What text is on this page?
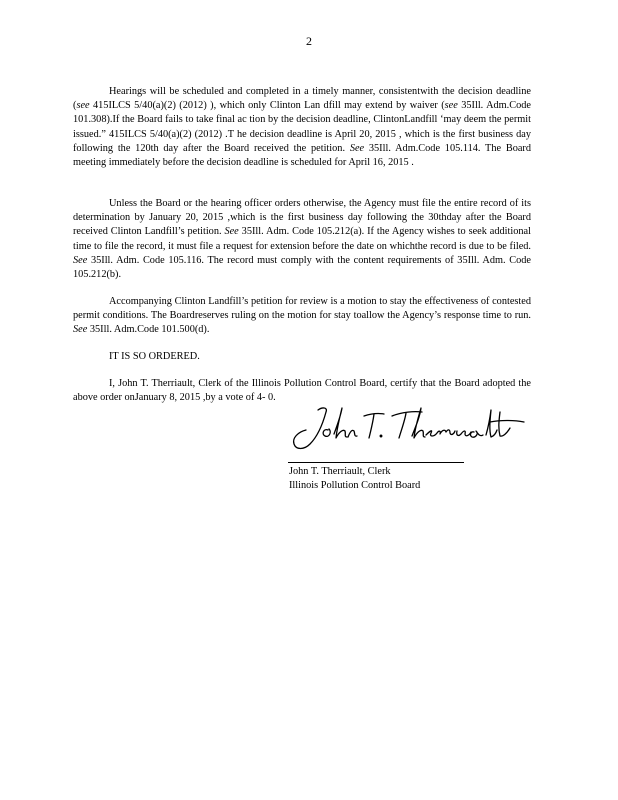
2

Hearings will be scheduled and completed in a timely manner, consistentwith the decision deadline (see 415ILCS 5/40(a)(2) (2012) ), which only Clinton Lan dfill may extend by waiver (see 35Ill. Adm.Code 101.308).If the Board fails to take final ac tion by the decision deadline, ClintonLandfill ‘may deem the permit issued.” 415ILCS 5/40(a)(2) (2012) .T he decision deadline is April 20, 2015 , which is the first business day following the 120th day after the Board received the petition. See 35Ill. Adm.Code 105.114. The Board meeting immediately before the decision deadline is scheduled for April 16, 2015 .

Unless the Board or the hearing officer orders otherwise, the Agency must file the entire record of its determination by January 20, 2015 ,which is the first business day following the 30thday after the Board received Clinton Landfill’s petition. See 35Ill. Adm. Code 105.212(a). If the Agency wishes to seek additional time to file the record, it must file a request for extension before the date on whichthe record is due to be filed. See 35Ill. Adm. Code 105.116. The record must comply with the content requirements of 35Ill. Adm. Code 105.212(b).

Accompanying Clinton Landfill’s petition for review is a motion to stay the effectiveness of contested permit conditions. The Boardreserves ruling on the motion for stay toallow the Agency’s response time to run. See 35Ill. Adm.Code 101.500(d).

IT IS SO ORDERED.

I, John T. Therriault, Clerk of the Illinois Pollution Control Board, certify that the Board adopted the above order onJanuary 8, 2015 ,by a vote of 4- 0.

John T. Therriault, Clerk
Illinois Pollution Control Board
